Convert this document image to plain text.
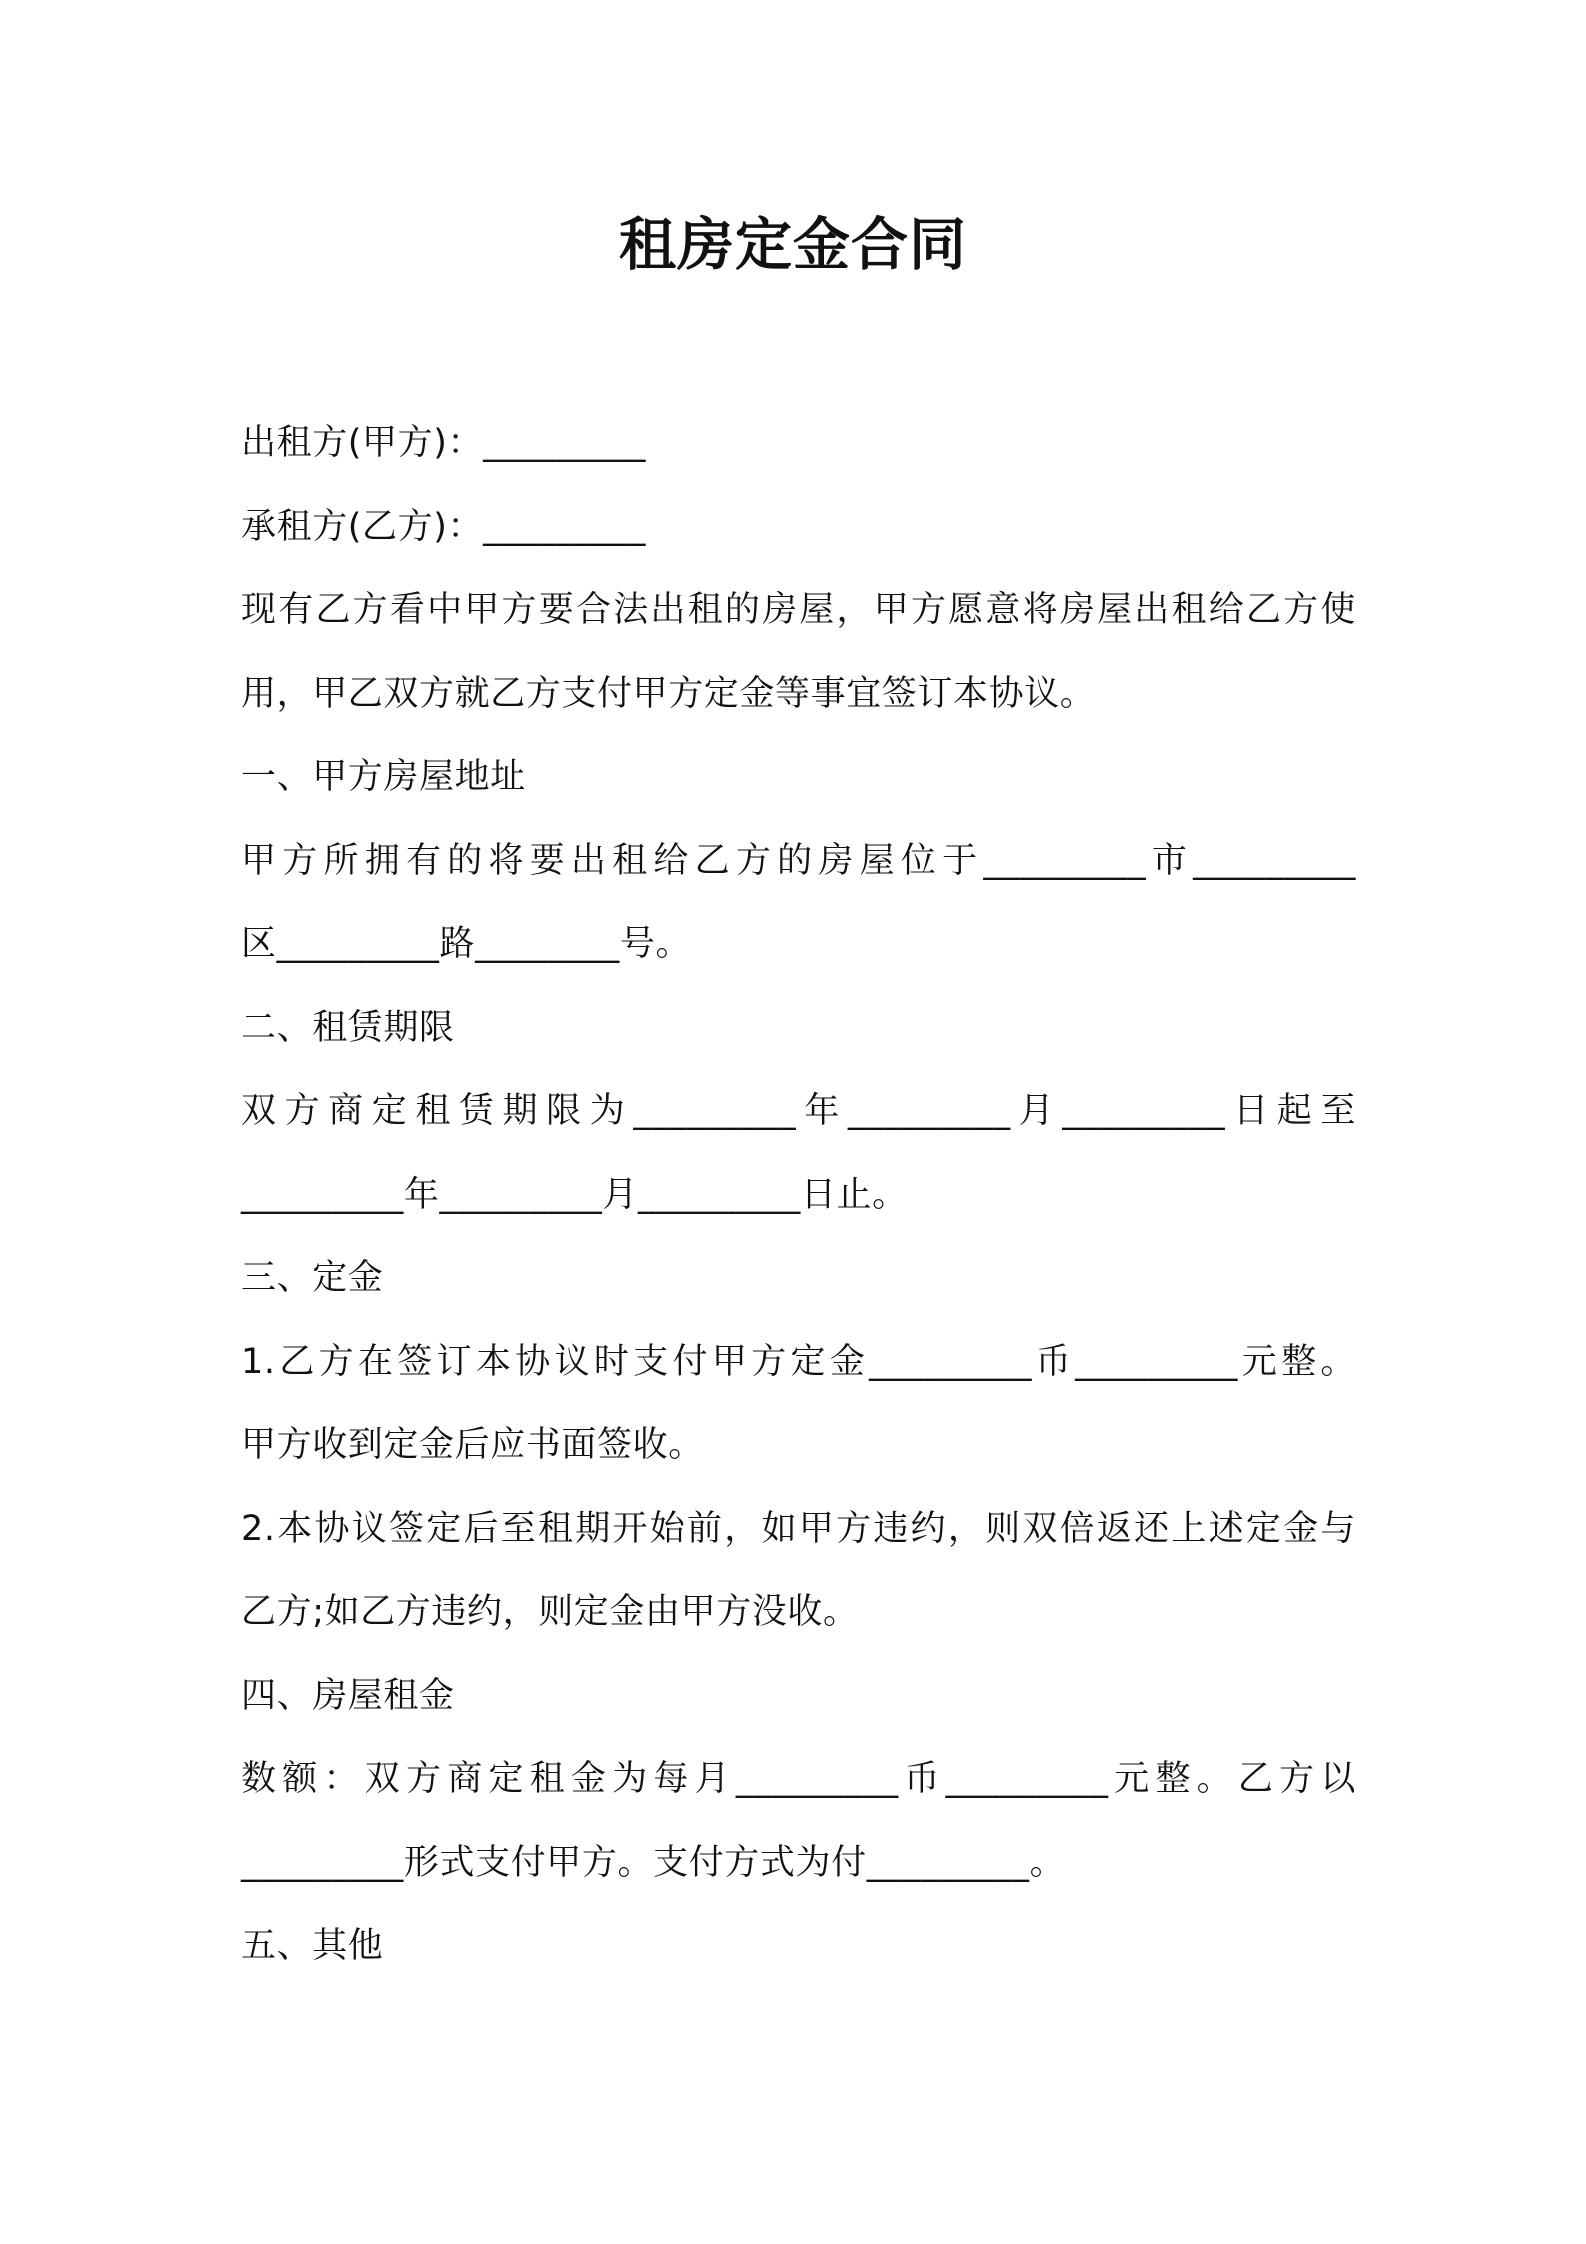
租房定金合同

出租方(甲方)：_________

承租方(乙方)：_________

现有乙方看中甲方要合法出租的房屋，甲方愿意将房屋出租给乙方使

用，甲乙双方就乙方支付甲方定金等事宜签订本协议。

一、甲方房屋地址

甲方所拥有的将要出租给乙方的房屋位于_________市_________

区_________路________号。

二、租赁期限

双方商定租赁期限为_________年_________月_________日起至

_________年_________月_________日止。

三、定金

1.乙方在签订本协议时支付甲方定金_________币_________元整。

甲方收到定金后应书面签收。

2.本协议签定后至租期开始前，如甲方违约，则双倍返还上述定金与

乙方;如乙方违约，则定金由甲方没收。

四、房屋租金

数额：双方商定租金为每月_________币_________元整。乙方以

_________形式支付甲方。支付方式为付_________。

五、其他
